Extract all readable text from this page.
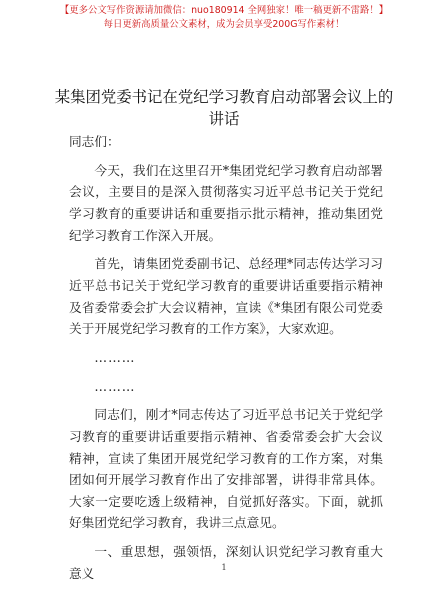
【更多公文写作资源请加微信：nuo180914 全网独家！唯一稿更新不雷路！】
每日更新高质量公文素材，成为会员享受200G写作素材！
某集团党委书记在党纪学习教育启动部署会议上的讲话

同志们：

今天，我们在这里召开*集团党纪学习教育启动部署会议，主要目的是深入贯彻落实习近平总书记关于党纪学习教育的重要讲话和重要指示批示精神，推动集团党纪学习教育工作深入开展。

首先，请集团党委副书记、总经理*同志传达学习习近平总书记关于党纪学习教育的重要讲话重要指示精神及省委常委会扩大会议精神，宣读《*集团有限公司党委关于开展党纪学习教育的工作方案》，大家欢迎。

………

………

同志们，刚才*同志传达了习近平总书记关于党纪学习教育的重要讲话重要指示精神、省委常委会扩大会议精神，宣读了集团开展党纪学习教育的工作方案，对集团如何开展学习教育作出了安排部署，讲得非常具体。大家一定要吃透上级精神，自觉抓好落实。下面，就抓好集团党纪学习教育，我讲三点意见。

一、重思想，强领悟，深刻认识党纪学习教育重大意义	1
